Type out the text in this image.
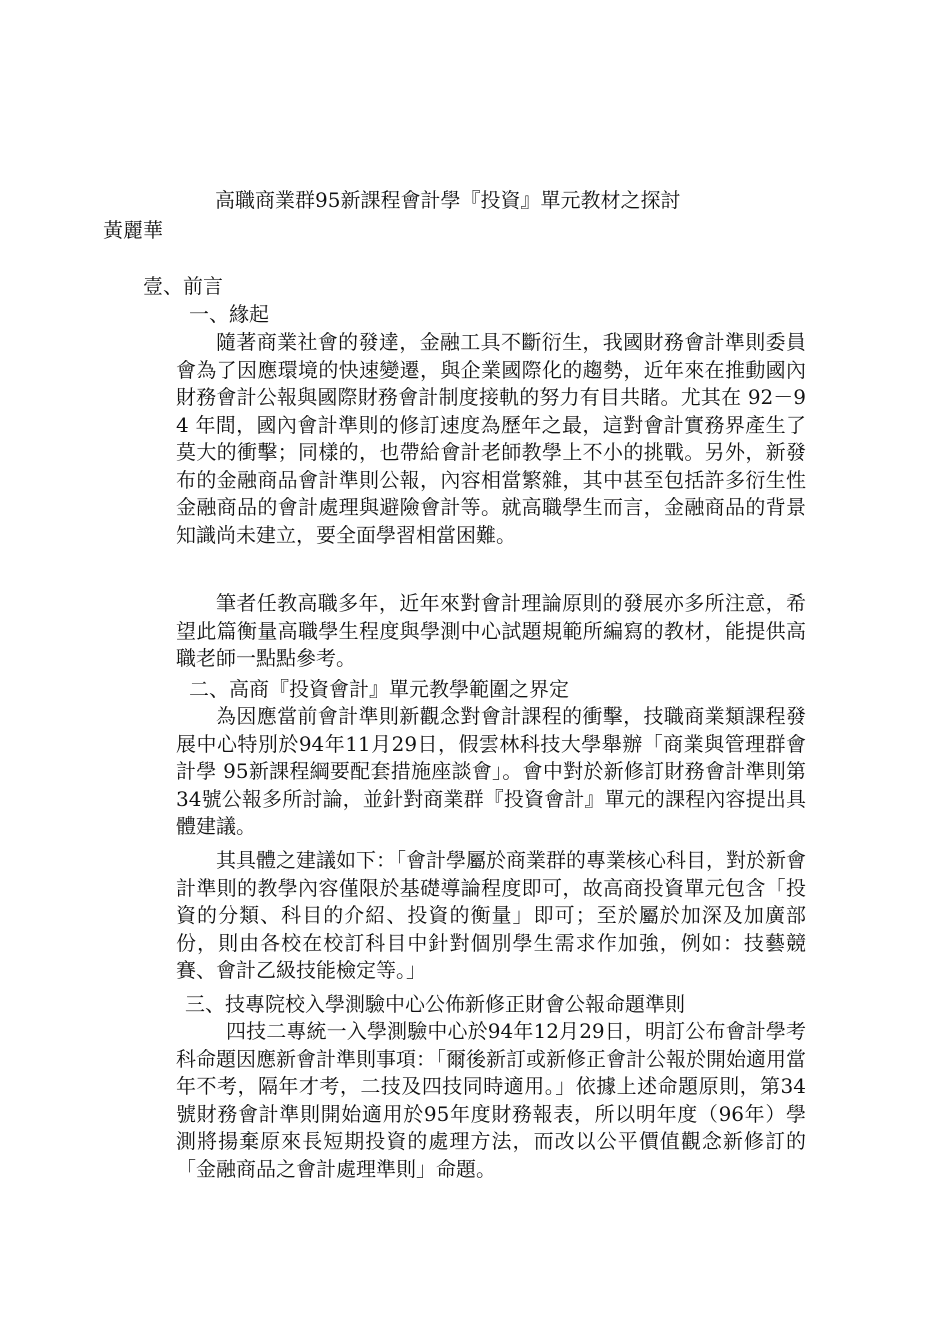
高職商業群95新課程會計學『投資』單元教材之探討
黃麗華
壹、前言
一、緣起
隨著商業社會的發達，金融工具不斷衍生，我國財務會計準則委員會為了因應環境的快速變遷，與企業國際化的趨勢，近年來在推動國內財務會計公報與國際財務會計制度接軌的努力有目共睹。尤其在 92－94 年間，國內會計準則的修訂速度為歷年之最，這對會計實務界產生了莫大的衝擊；同樣的，也帶給會計老師教學上不小的挑戰。另外，新發布的金融商品會計準則公報，內容相當繁雜，其中甚至包括許多衍生性金融商品的會計處理與避險會計等。就高職學生而言，金融商品的背景知識尚未建立，要全面學習相當困難。
筆者任教高職多年，近年來對會計理論原則的發展亦多所注意，希望此篇衡量高職學生程度與學測中心試題規範所編寫的教材，能提供高職老師一點點參考。
二、高商『投資會計』單元教學範圍之界定
為因應當前會計準則新觀念對會計課程的衝擊，技職商業類課程發展中心特別於94年11月29日，假雲林科技大學舉辦「商業與管理群會計學 95新課程綱要配套措施座談會」。會中對於新修訂財務會計準則第34號公報多所討論，並針對商業群『投資會計』單元的課程內容提出具體建議。
其具體之建議如下：「會計學屬於商業群的專業核心科目，對於新會計準則的教學內容僅限於基礎導論程度即可，故高商投資單元包含「投資的分類、科目的介紹、投資的衡量」即可；至於屬於加深及加廣部份，則由各校在校訂科目中針對個別學生需求作加強，例如：技藝競賽、會計乙級技能檢定等。」
三、技專院校入學測驗中心公佈新修正財會公報命題準則
四技二專統一入學測驗中心於94年12月29日，明訂公布會計學考科命題因應新會計準則事項：「爾後新訂或新修正會計公報於開始適用當年不考，隔年才考，二技及四技同時適用。」依據上述命題原則，第34號財務會計準則開始適用於95年度財務報表，所以明年度（96年）學測將揚棄原來長短期投資的處理方法，而改以公平價值觀念新修訂的「金融商品之會計處理準則」命題。
